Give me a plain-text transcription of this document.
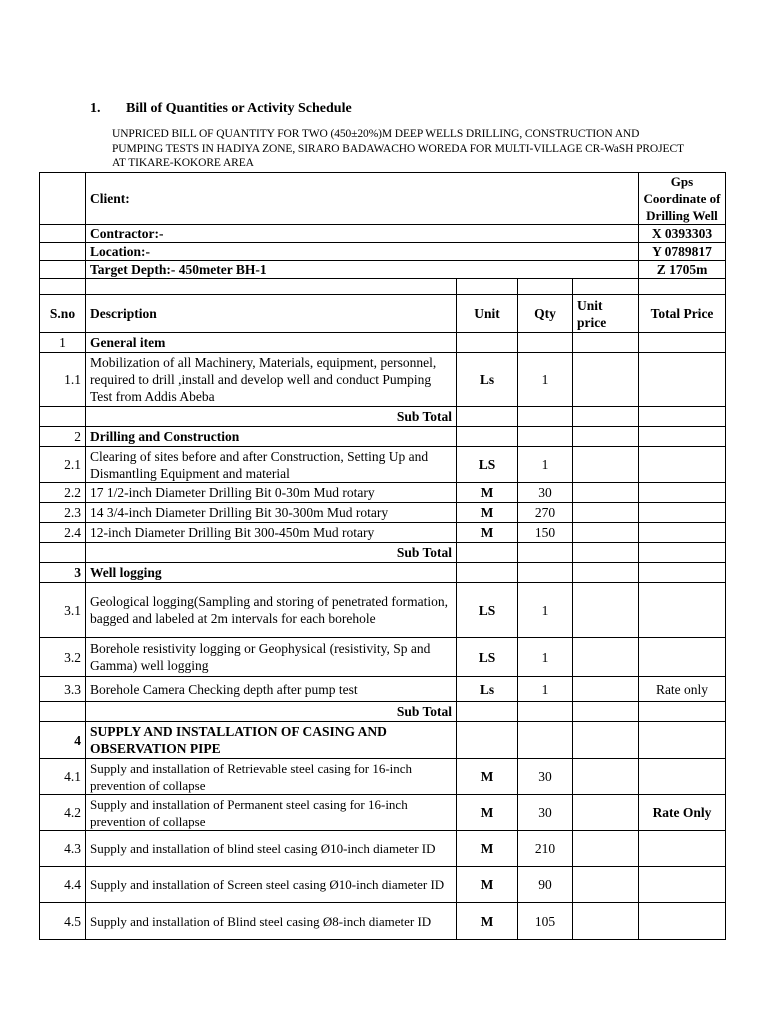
1. Bill of Quantities or Activity Schedule
UNPRICED BILL OF QUANTITY FOR TWO (450±20%)M DEEP WELLS DRILLING, CONSTRUCTION AND PUMPING TESTS IN HADIYA ZONE, SIRARO BADAWACHO WOREDA FOR MULTI-VILLAGE CR-WaSH PROJECT AT TIKARE-KOKORE AREA
	Client:				Gps Coordinate of Drilling Well
	Contractor:-				X 0393303
	Location:-				Y 0789817
	Target Depth:- 450meter BH-1				Z 1705m

S.no	Description	Unit	Qty	Unit price	Total Price
1	General item				
1.1	Mobilization of all Machinery, Materials, equipment, personnel, required to drill ,install and develop well and conduct Pumping Test from Addis Abeba	Ls	1		
	Sub Total				
2	Drilling and Construction				
2.1	Clearing of sites before and after Construction, Setting Up and Dismantling Equipment and material	LS	1		
2.2	17 1/2-inch Diameter Drilling Bit 0-30m Mud rotary	M	30		
2.3	14 3/4-inch Diameter Drilling Bit 30-300m Mud rotary	M	270		
2.4	12-inch Diameter Drilling Bit 300-450m Mud rotary	M	150		
	Sub Total				
3	Well logging				
3.1	Geological logging(Sampling and storing of penetrated formation, bagged and labeled at 2m intervals for each borehole	LS	1		
3.2	Borehole resistivity logging or Geophysical (resistivity, Sp and Gamma) well logging	LS	1		
3.3	Borehole Camera Checking depth after pump test	Ls	1		Rate only
	Sub Total				
4	SUPPLY AND INSTALLATION OF CASING AND OBSERVATION PIPE				
4.1	Supply and installation of Retrievable steel casing for 16-inch prevention of collapse	M	30		
4.2	Supply and installation of Permanent steel casing for 16-inch prevention of collapse	M	30		Rate Only
4.3	Supply and installation of blind steel casing Ø10-inch diameter ID	M	210		
4.4	Supply and installation of Screen steel casing Ø10-inch diameter ID	M	90		
4.5	Supply and installation of Blind steel casing Ø8-inch diameter ID	M	105		
